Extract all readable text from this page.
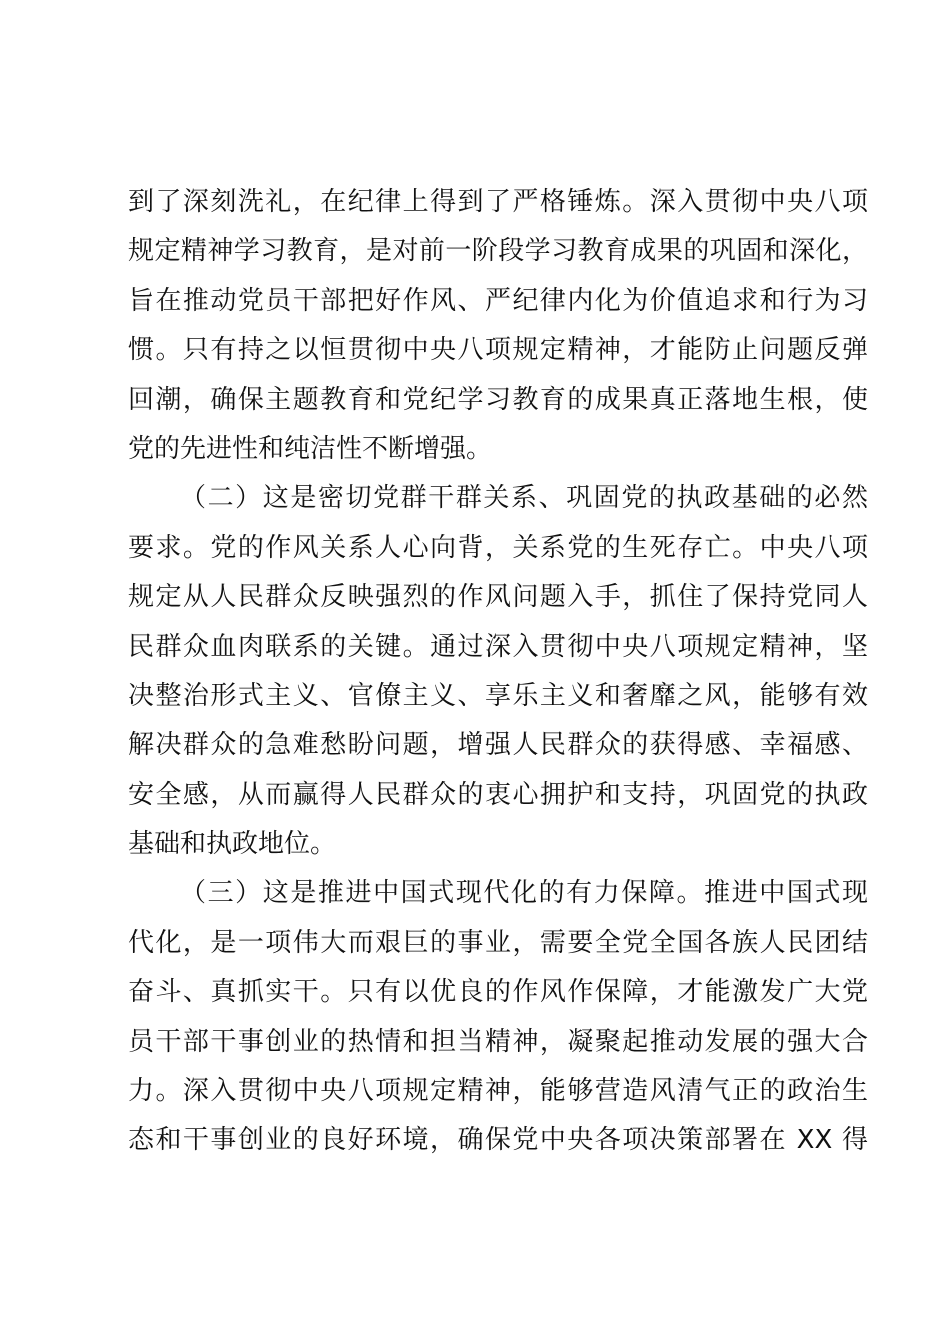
到了深刻洗礼，在纪律上得到了严格锤炼。深入贯彻中央八项
规定精神学习教育，是对前一阶段学习教育成果的巩固和深化，
旨在推动党员干部把好作风、严纪律内化为价值追求和行为习
惯。只有持之以恒贯彻中央八项规定精神，才能防止问题反弹
回潮，确保主题教育和党纪学习教育的成果真正落地生根，使
党的先进性和纯洁性不断增强。
（二）这是密切党群干群关系、巩固党的执政基础的必然
要求。党的作风关系人心向背，关系党的生死存亡。中央八项
规定从人民群众反映强烈的作风问题入手，抓住了保持党同人
民群众血肉联系的关键。通过深入贯彻中央八项规定精神，坚
决整治形式主义、官僚主义、享乐主义和奢靡之风，能够有效
解决群众的急难愁盼问题，增强人民群众的获得感、幸福感、
安全感，从而赢得人民群众的衷心拥护和支持，巩固党的执政
基础和执政地位。
（三）这是推进中国式现代化的有力保障。推进中国式现
代化，是一项伟大而艰巨的事业，需要全党全国各族人民团结
奋斗、真抓实干。只有以优良的作风作保障，才能激发广大党
员干部干事创业的热情和担当精神，凝聚起推动发展的强大合
力。深入贯彻中央八项规定精神，能够营造风清气正的政治生
态和干事创业的良好环境，确保党中央各项决策部署在 XX 得
